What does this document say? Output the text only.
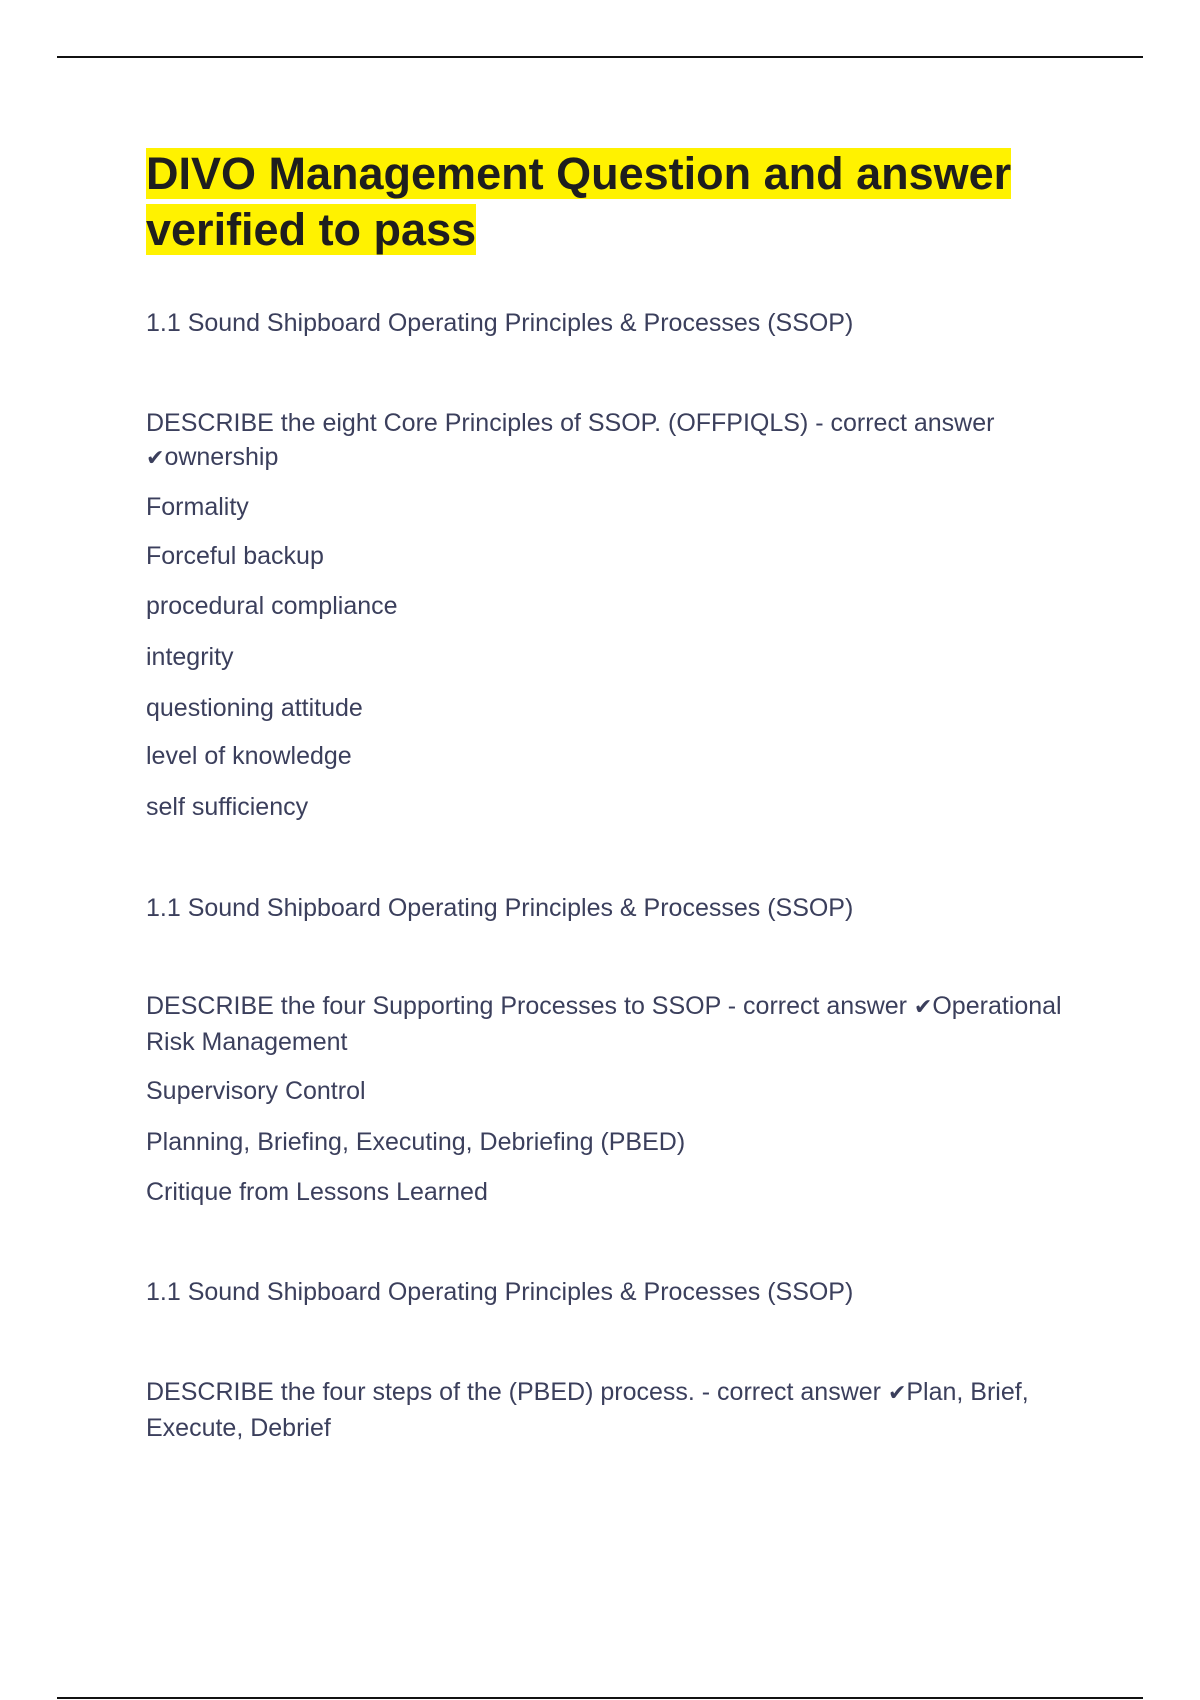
DIVO Management Question and answer verified to pass

1.1 Sound Shipboard Operating Principles & Processes (SSOP)

DESCRIBE the eight Core Principles of SSOP. (OFFPIQLS) - correct answer ✔ownership

Formality

Forceful backup

procedural compliance

integrity

questioning attitude

level of knowledge

self sufficiency

1.1 Sound Shipboard Operating Principles & Processes (SSOP)

DESCRIBE the four Supporting Processes to SSOP - correct answer ✔Operational Risk Management

Supervisory Control

Planning, Briefing, Executing, Debriefing (PBED)

Critique from Lessons Learned

1.1 Sound Shipboard Operating Principles & Processes (SSOP)

DESCRIBE the four steps of the (PBED) process. - correct answer ✔Plan, Brief, Execute, Debrief
